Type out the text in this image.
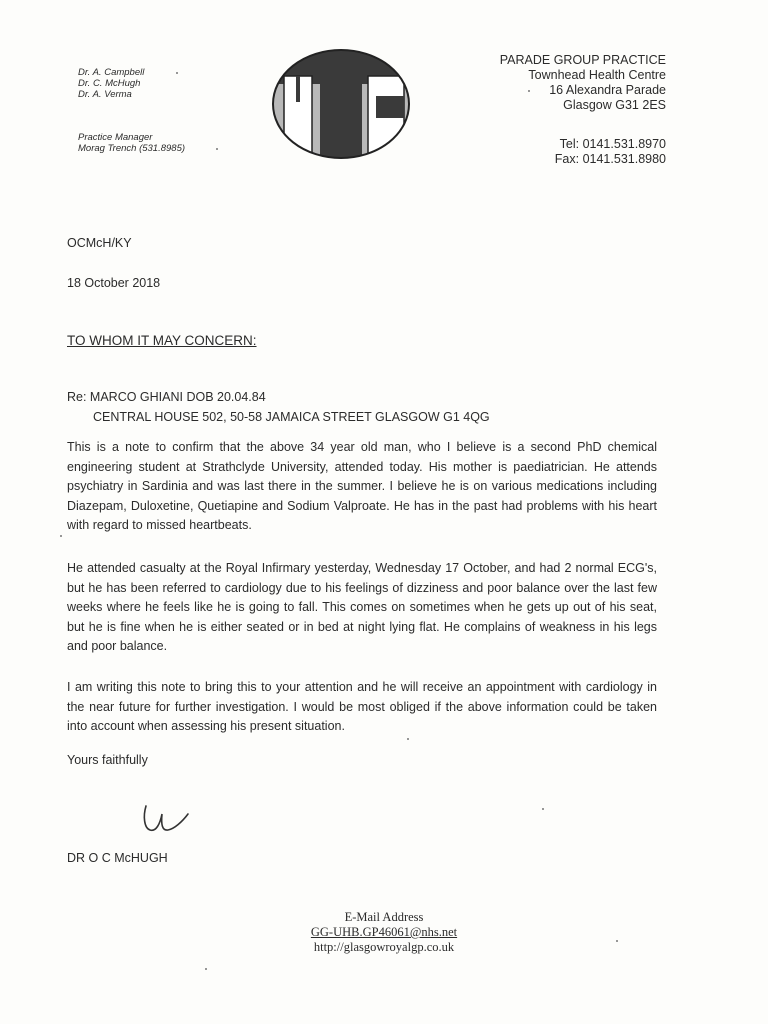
Dr. A. Campbell
Dr. C. McHugh
Dr. A. Verma
Practice Manager
Morag Trench (531.8985)
PARADE GROUP PRACTICE
Townhead Health Centre
16 Alexandra Parade
Glasgow G31 2ES
Tel: 0141.531.8970
Fax: 0141.531.8980
OCMcH/KY
18 October 2018
TO WHOM IT MAY CONCERN:
Re: MARCO GHIANI DOB 20.04.84
CENTRAL HOUSE 502, 50-58 JAMAICA STREET GLASGOW G1 4QG
This is a note to confirm that the above 34 year old man, who I believe is a second PhD chemical engineering student at Strathclyde University, attended today. His mother is paediatrician. He attends psychiatry in Sardinia and was last there in the summer. I believe he is on various medications including Diazepam, Duloxetine, Quetiapine and Sodium Valproate. He has in the past had problems with his heart with regard to missed heartbeats.
He attended casualty at the Royal Infirmary yesterday, Wednesday 17 October, and had 2 normal ECG's, but he has been referred to cardiology due to his feelings of dizziness and poor balance over the last few weeks where he feels like he is going to fall. This comes on sometimes when he gets up out of his seat, but he is fine when he is either seated or in bed at night lying flat. He complains of weakness in his legs and poor balance.
I am writing this note to bring this to your attention and he will receive an appointment with cardiology in the near future for further investigation. I would be most obliged if the above information could be taken into account when assessing his present situation.
Yours faithfully
DR O C McHUGH
E-Mail Address
GG-UHB.GP46061@nhs.net
http://glasgowroyalgp.co.uk
